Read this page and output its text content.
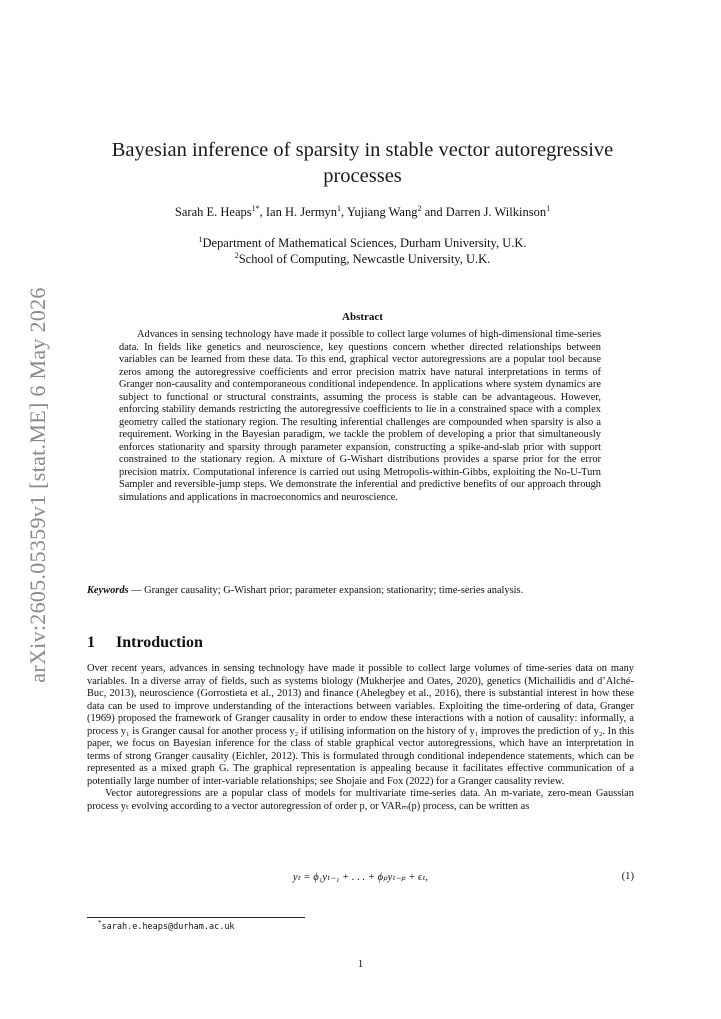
arXiv:2605.05359v1 [stat.ME] 6 May 2026
Bayesian inference of sparsity in stable vector autoregressive processes
Sarah E. Heaps$^{1*}$, Ian H. Jermyn$^1$, Yujiang Wang$^2$ and Darren J. Wilkinson$^1$
$^1$Department of Mathematical Sciences, Durham University, U.K.
$^2$School of Computing, Newcastle University, U.K.
Abstract
Advances in sensing technology have made it possible to collect large volumes of high-dimensional time-series data. In fields like genetics and neuroscience, key questions concern whether directed relationships between variables can be learned from these data. To this end, graphical vector autoregressions are a popular tool because zeros among the autoregressive coefficients and error precision matrix have natural interpretations in terms of Granger non-causality and contemporaneous conditional independence. In applications where system dynamics are subject to functional or structural constraints, assuming the process is stable can be advantageous. However, enforcing stability demands restricting the autoregressive coefficients to lie in a constrained space with a complex geometry called the stationary region. The resulting inferential challenges are compounded when sparsity is also a requirement. Working in the Bayesian paradigm, we tackle the problem of developing a prior that simultaneously enforces stationarity and sparsity through parameter expansion, constructing a spike-and-slab prior with support constrained to the stationary region. A mixture of G-Wishart distributions provides a sparse prior for the error precision matrix. Computational inference is carried out using Metropolis-within-Gibbs, exploiting the No-U-Turn Sampler and reversible-jump steps. We demonstrate the inferential and predictive benefits of our approach through simulations and applications in macroeconomics and neuroscience.
Keywords — Granger causality; G-Wishart prior; parameter expansion; stationarity; time-series analysis.
1 Introduction

Over recent years, advances in sensing technology have made it possible to collect large volumes of time-series data on many variables. In a diverse array of fields, such as systems biology (Mukherjee and Oates, 2020), genetics (Michailidis and d’Alché-Buc, 2013), neuroscience (Gorrostieta et al., 2013) and finance (Ahelegbey et al., 2016), there is substantial interest in how these data can be used to improve understanding of the interactions between variables. Exploiting the time-ordering of data, Granger (1969) proposed the framework of Granger causality in order to endow these interactions with a notion of causality: informally, a process y₁ is Granger causal for another process y₂ if utilising information on the history of y₁ improves the prediction of y₂. In this paper, we focus on Bayesian inference for the class of stable graphical vector autoregressions, which have an interpretation in terms of strong Granger causality (Eichler, 2012). This is formulated through conditional independence statements, which can be represented as a mixed graph G. The graphical representation is appealing because it facilitates effective communication of a potentially large number of inter-variable relationships; see Shojaie and Fox (2022) for a Granger causality review.

Vector autoregressions are a popular class of models for multivariate time-series data. An m-variate, zero-mean Gaussian process yₜ evolving according to a vector autoregression of order p, or VARₘ(p) process, can be written as

yₜ = ϕ₁yₜ₋₁ + . . . + ϕₚyₜ₋ₚ + ϵₜ,	(1)
*sarah.e.heaps@durham.ac.uk
1
